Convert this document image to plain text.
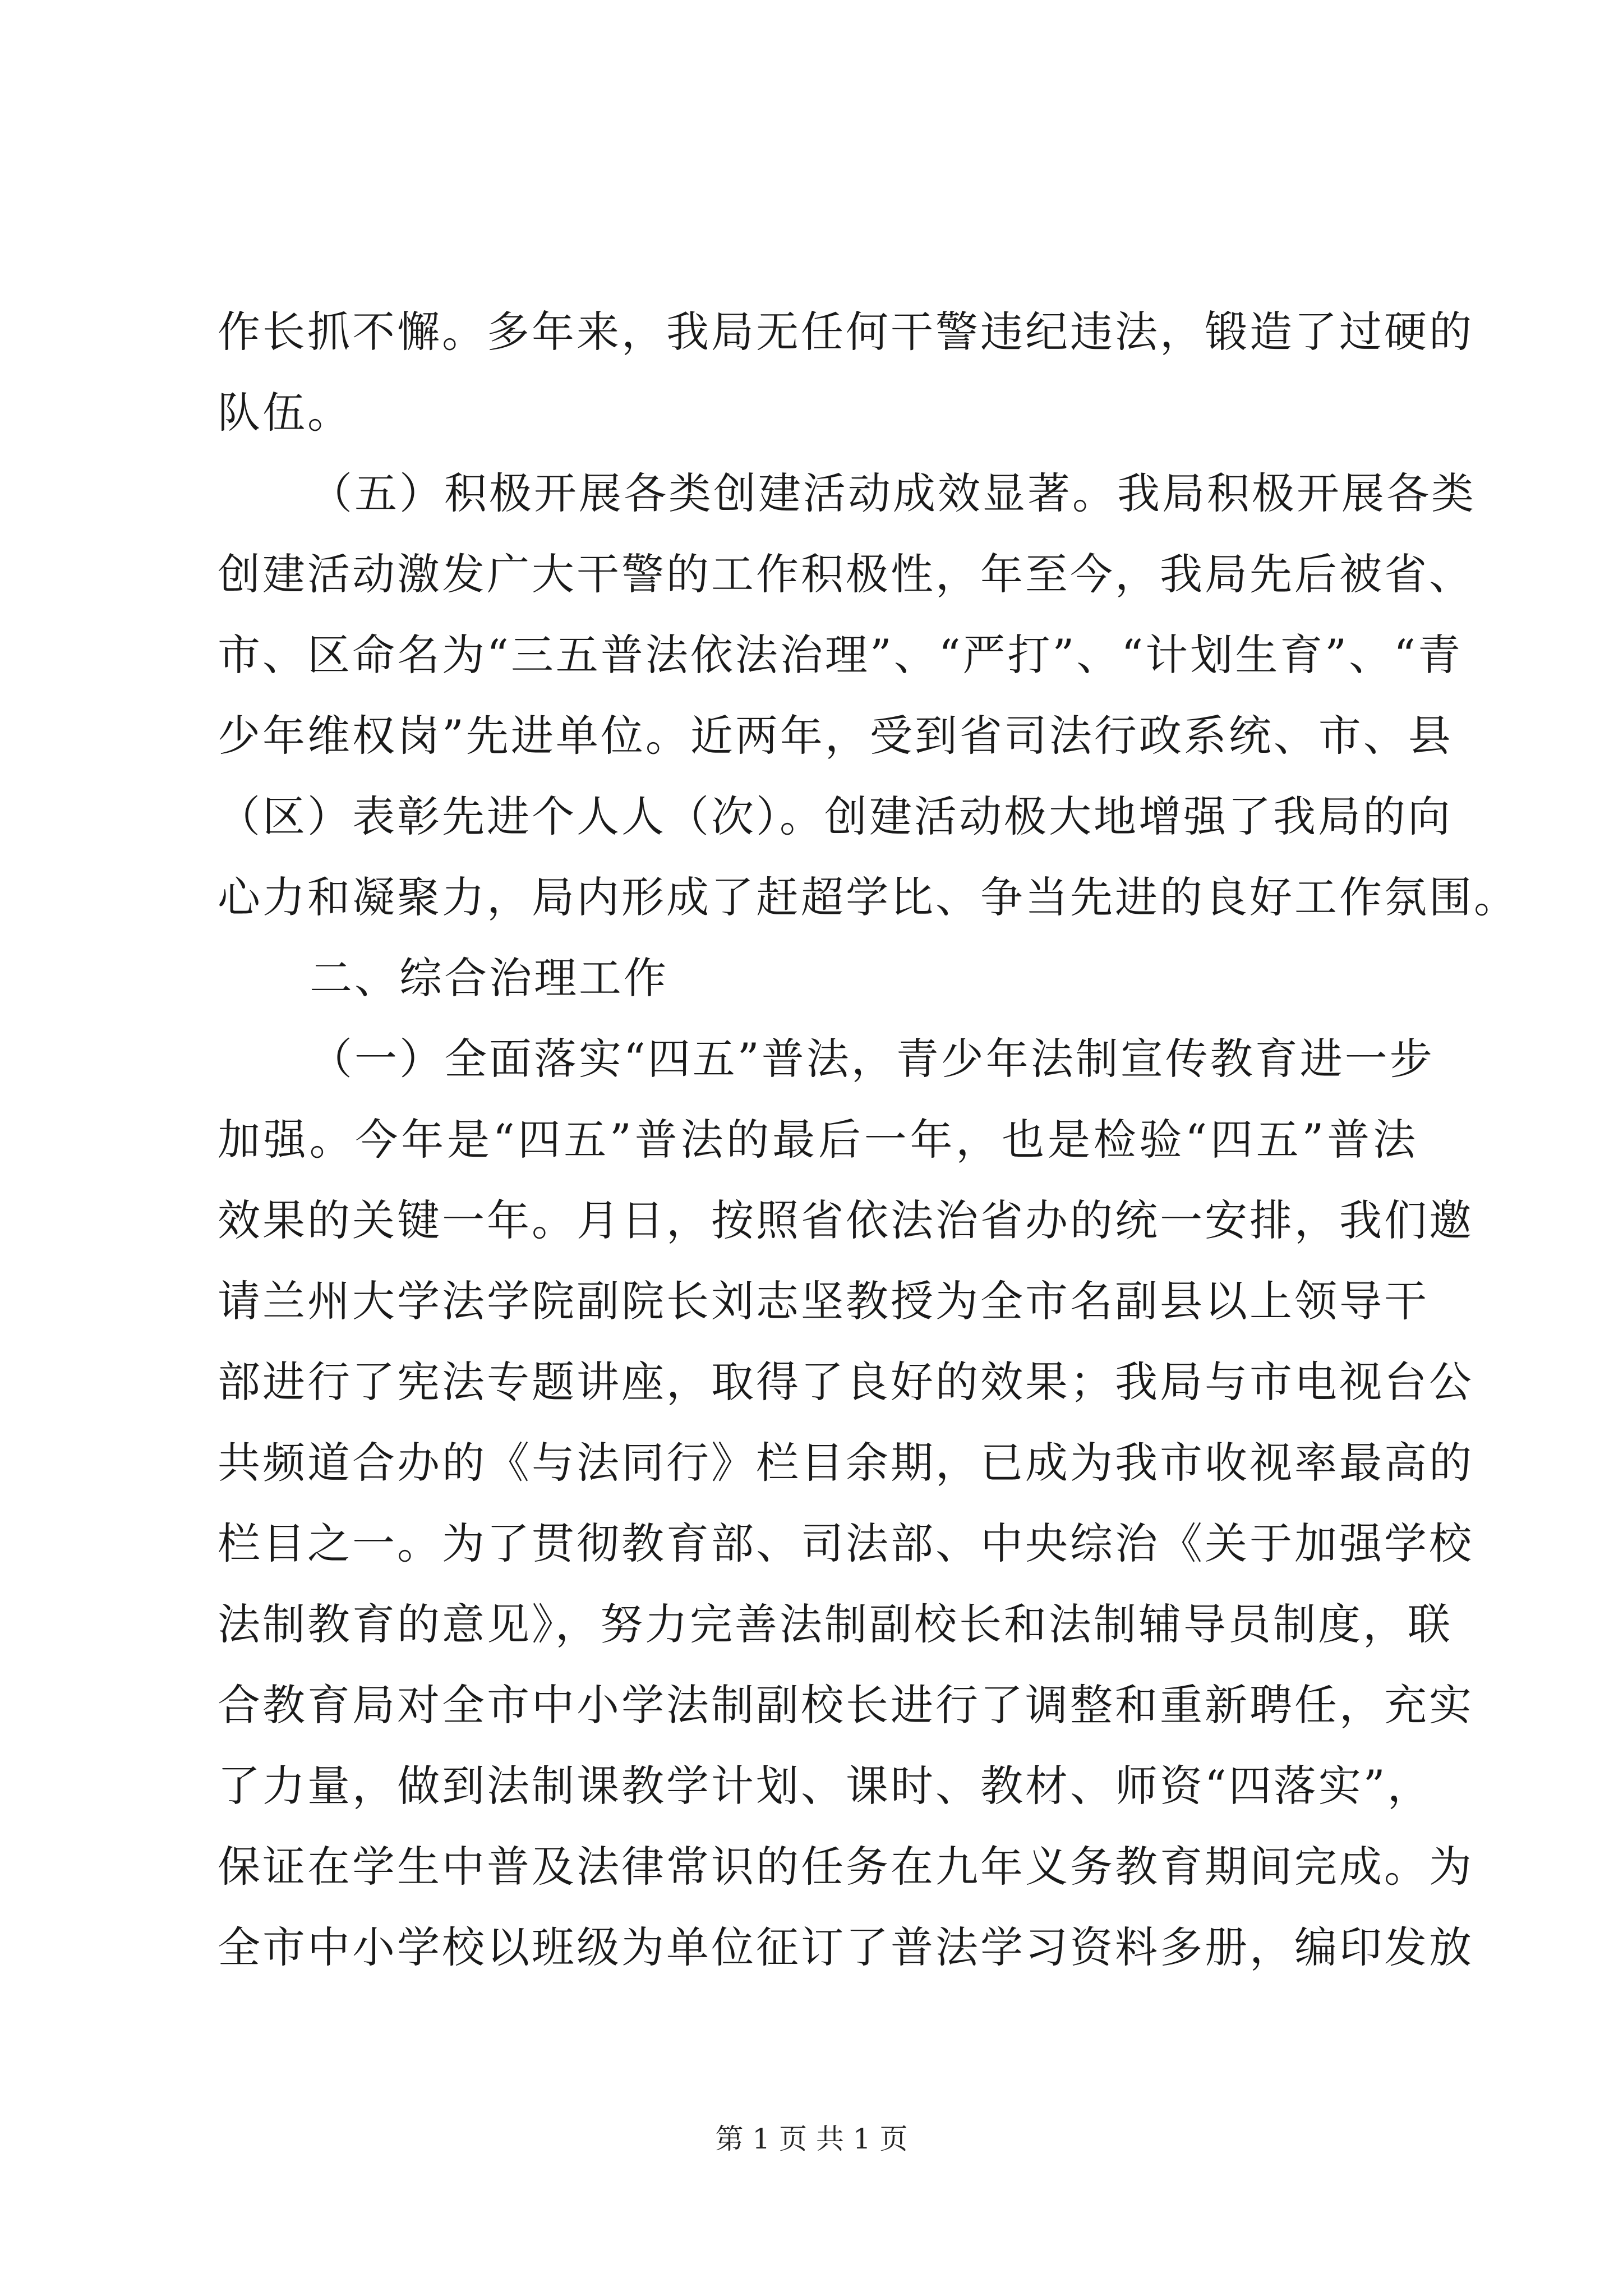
作长抓不懈。多年来，我局无任何干警违纪违法，锻造了过硬的
队伍。
（五）积极开展各类创建活动成效显著。我局积极开展各类
创建活动激发广大干警的工作积极性，年至今，我局先后被省、
市、区命名为“三五普法依法治理”、“严打”、“计划生育”、“青
少年维权岗”先进单位。近两年，受到省司法行政系统、市、县
（区）表彰先进个人人（次）。创建活动极大地增强了我局的向
心力和凝聚力，局内形成了赶超学比、争当先进的良好工作氛围。
二、综合治理工作
（一）全面落实“四五”普法，青少年法制宣传教育进一步
加强。今年是“四五”普法的最后一年，也是检验“四五”普法
效果的关键一年。月日，按照省依法治省办的统一安排，我们邀
请兰州大学法学院副院长刘志坚教授为全市名副县以上领导干
部进行了宪法专题讲座，取得了良好的效果；我局与市电视台公
共频道合办的《与法同行》栏目余期，已成为我市收视率最高的
栏目之一。为了贯彻教育部、司法部、中央综治《关于加强学校
法制教育的意见》，努力完善法制副校长和法制辅导员制度，联
合教育局对全市中小学法制副校长进行了调整和重新聘任，充实
了力量，做到法制课教学计划、课时、教材、师资“四落实”，
保证在学生中普及法律常识的任务在九年义务教育期间完成。为
全市中小学校以班级为单位征订了普法学习资料多册，编印发放
第 1 页 共 1 页
